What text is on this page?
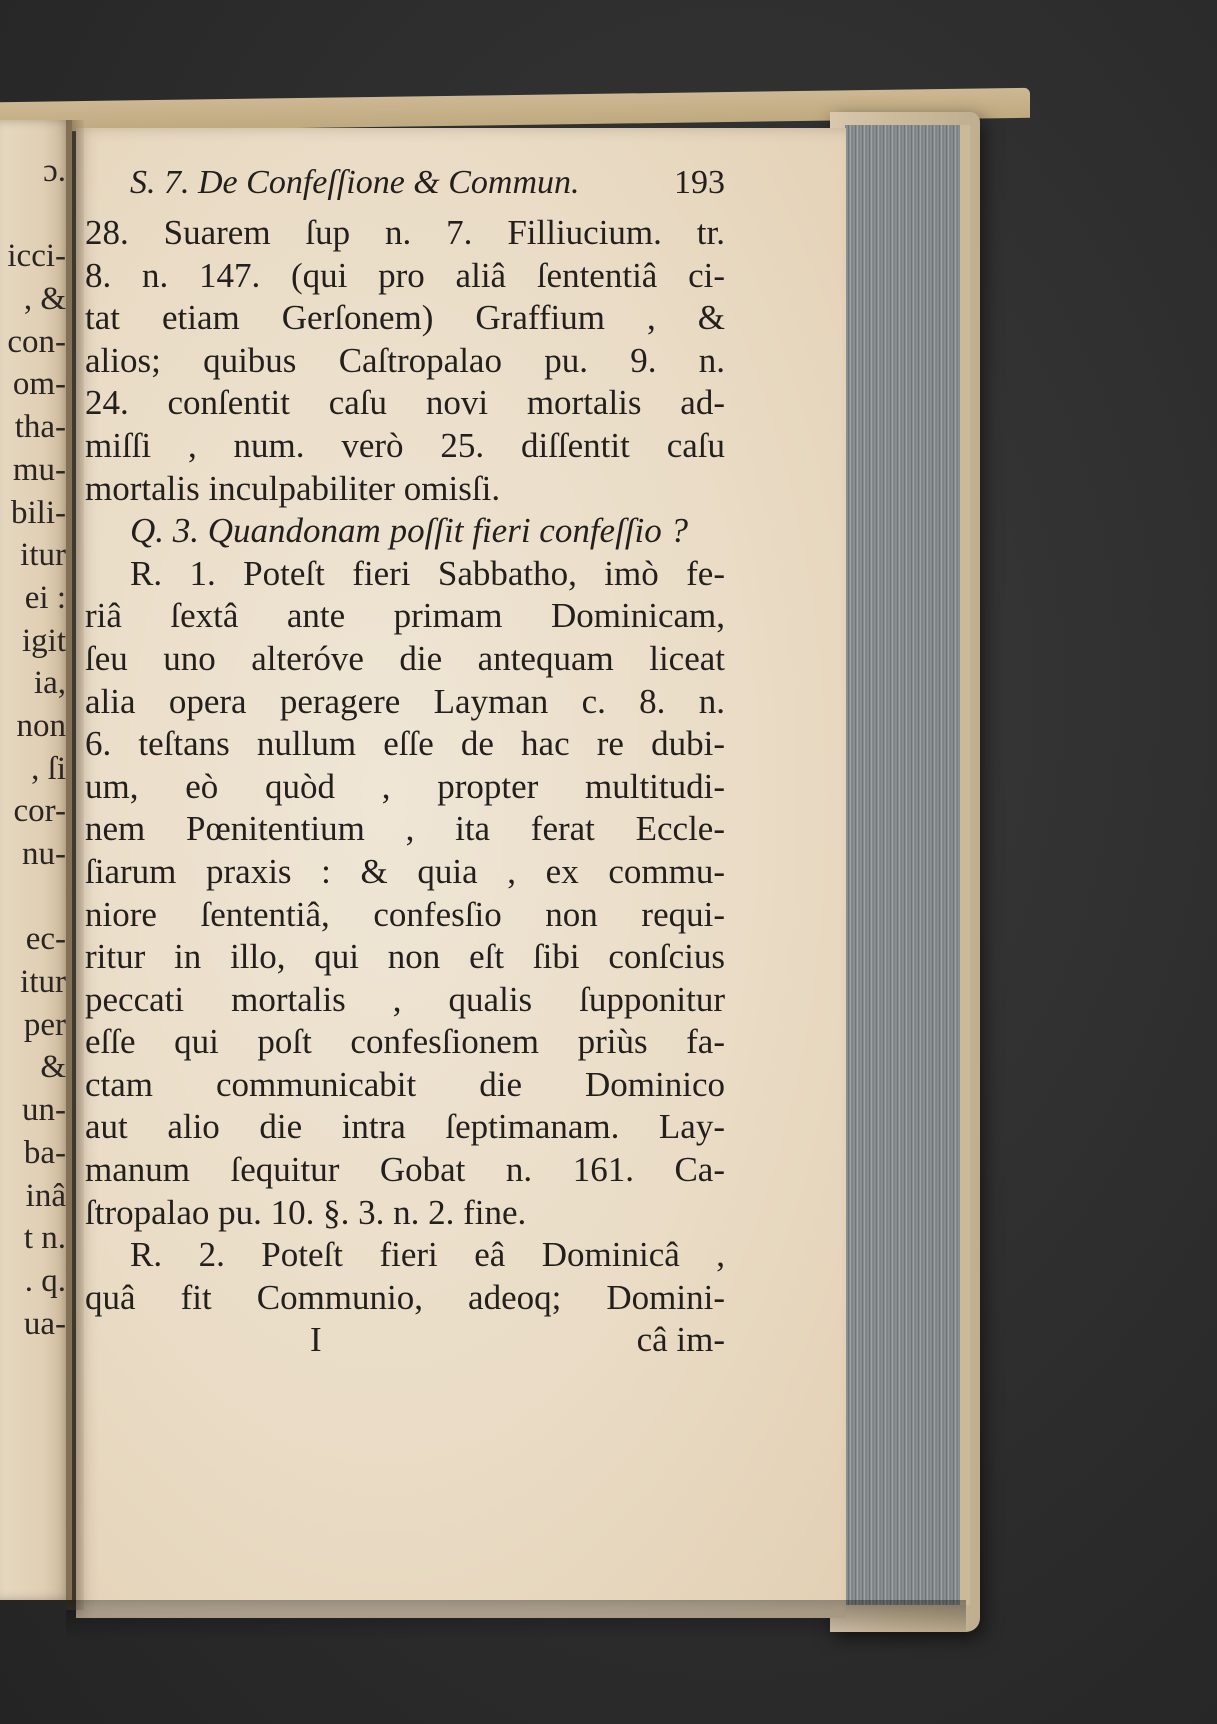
ɔ.
icci-
, &
con-
om-
tha-
mu-
bili-
itur
ei :
igit
ia,
non
, ſi
cor-
nu-
ec-
itur
per
&
un-
ba-
inâ
t n.
. q.
ua-
S. 7. De Confeſſione & Commun.	193
28. Suarem ſup n. 7. Filliucium. tr.
8. n. 147. (qui pro aliâ ſententiâ ci-
tat etiam Gerſonem) Graffium , &
alios; quibus Caſtropalao pu. 9. n.
24. conſentit caſu novi mortalis ad-
miſſi , num. verò 25. diſſentit caſu
mortalis inculpabiliter omisſi.
Q. 3. Quandonam poſſit fieri confeſſio ?
R. 1. Poteſt fieri Sabbatho, imò fe-
riâ ſextâ ante primam Dominicam,
ſeu uno alteróve die antequam liceat
alia opera peragere Layman c. 8. n.
6. teſtans nullum eſſe de hac re dubi-
um, eò quòd , propter multitudi-
nem Pœnitentium , ita ferat Eccle-
ſiarum praxis : & quia , ex commu-
niore ſententiâ, confesſio non requi-
ritur in illo, qui non eſt ſibi conſcius
peccati mortalis , qualis ſupponitur
eſſe qui poſt confesſionem priùs fa-
ctam communicabit die Dominico
aut alio die intra ſeptimanam. Lay-
manum ſequitur Gobat n. 161. Ca-
ſtropalao pu. 10. §. 3. n. 2. fine.
R. 2. Poteſt fieri eâ Dominicâ ,
quâ fit Communio, adeoq; Domini-
I	câ im-
